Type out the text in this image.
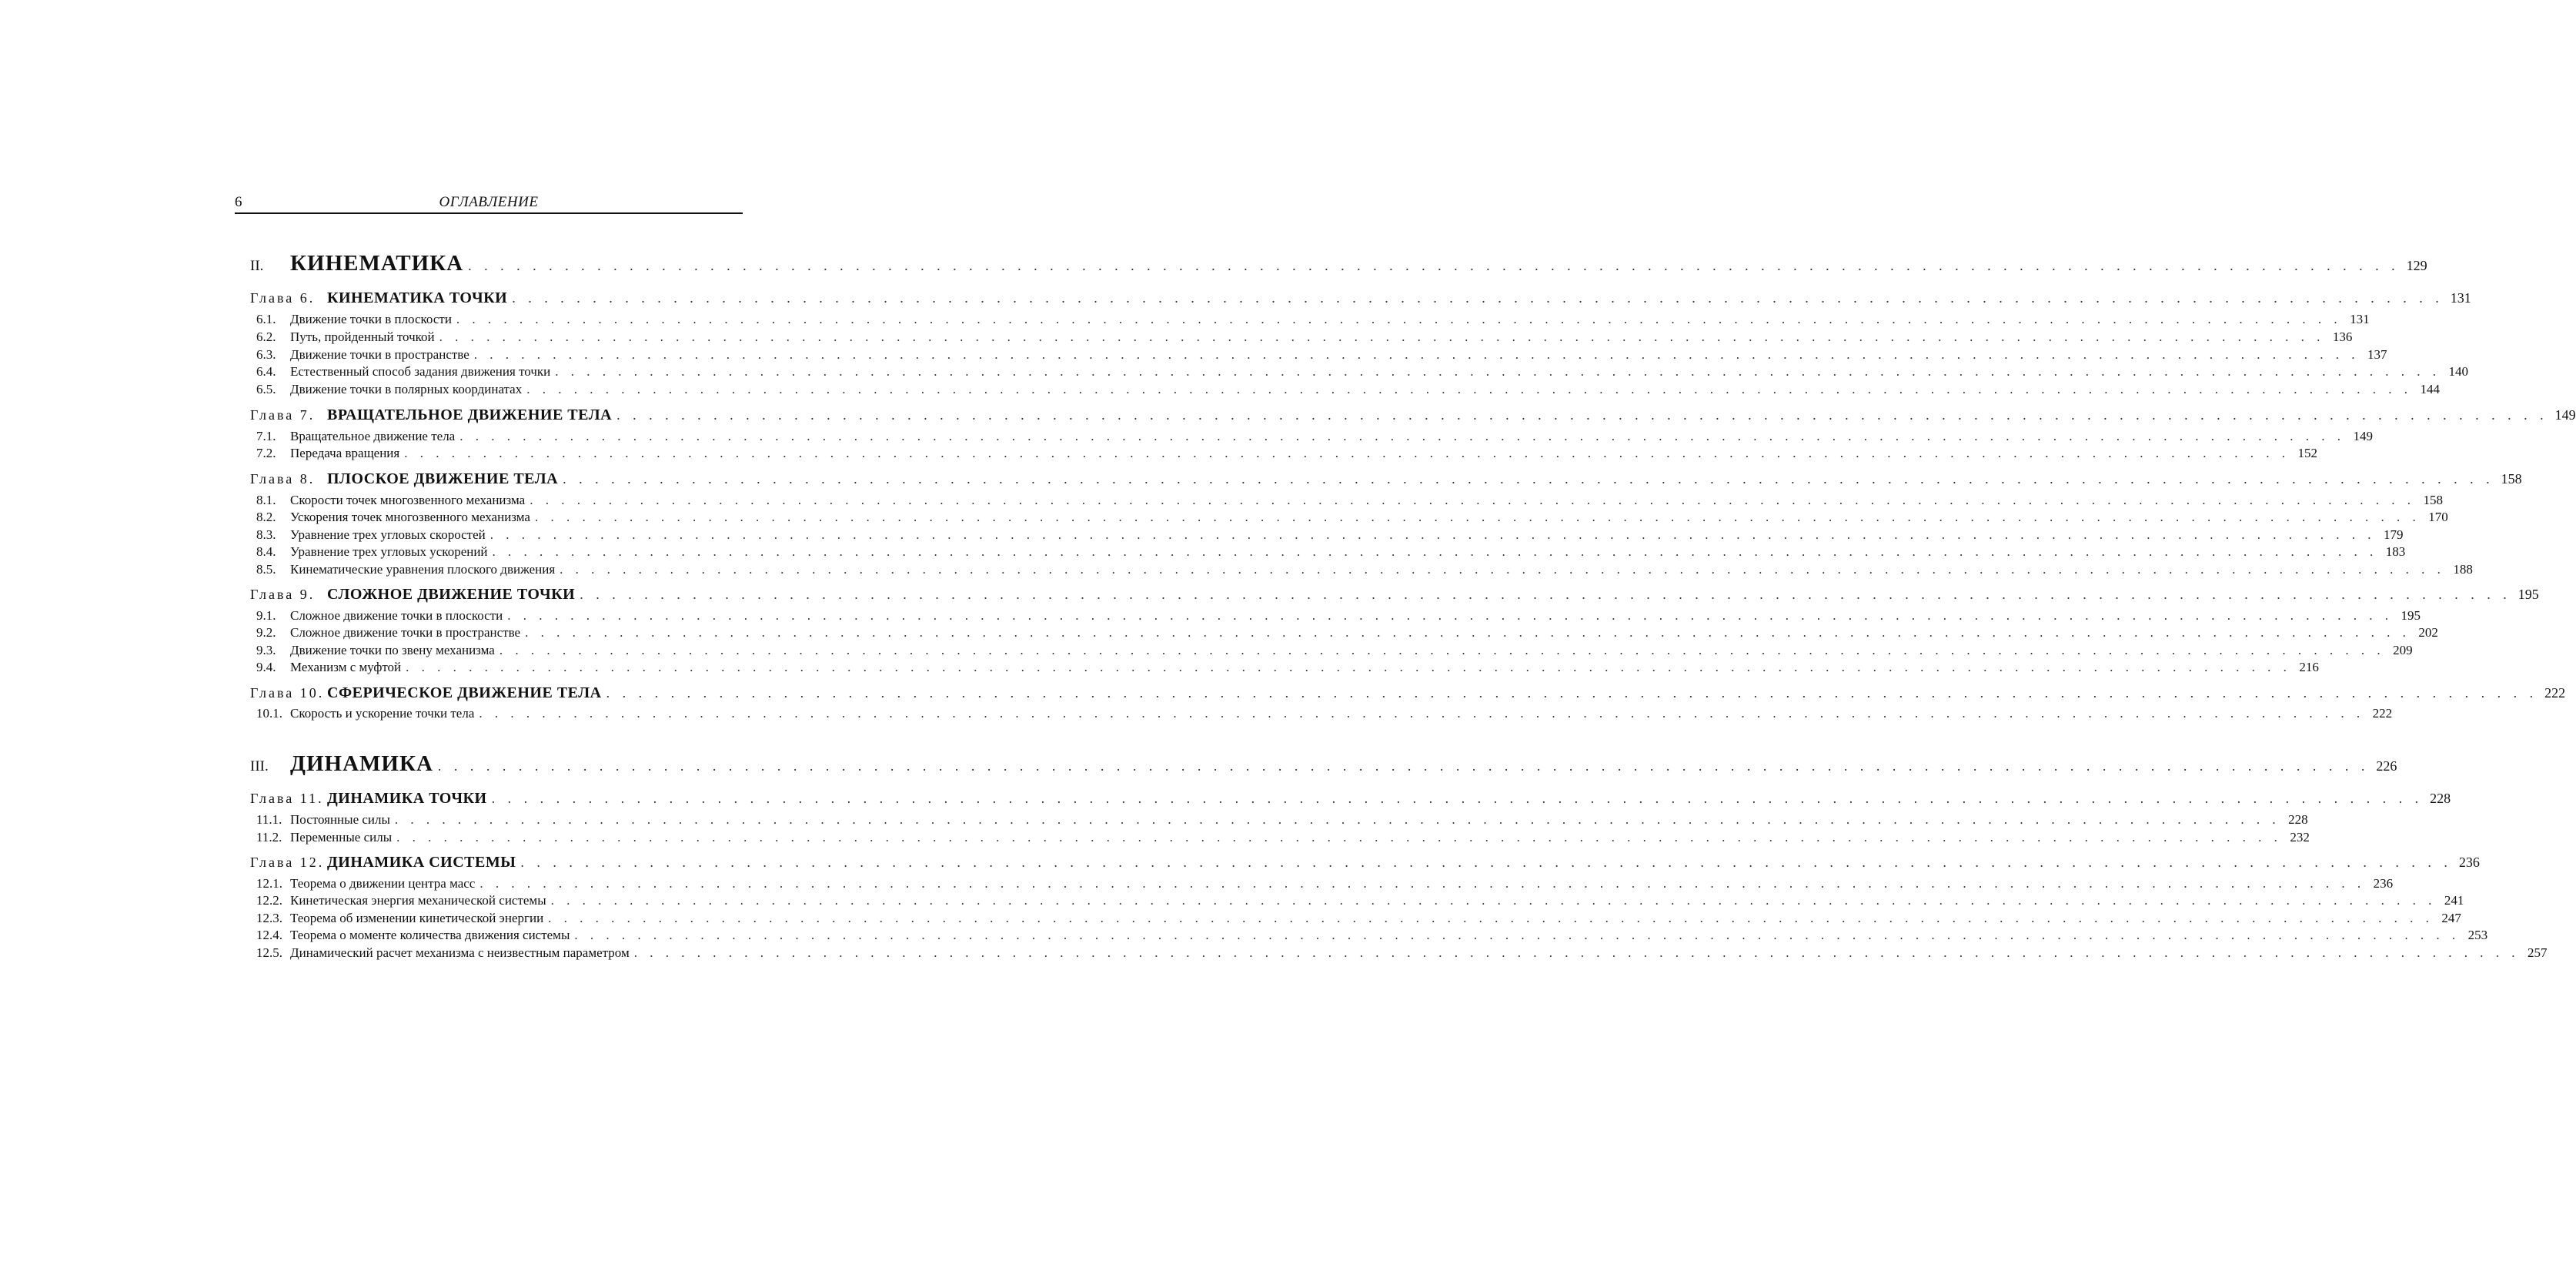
6	ОГЛАВЛЕНИЕ
II.	КИНЕМАТИКА . . . . . . . . . . . . . . . . . . . . . . . . . . . . . . . . . . . . . . . . . . . . . . . . . . . . . . . . . . . . . . . . . . . . . . . . . . . . . . . . . . . . . . . . . . . . . . . . . . . . . . . . . . . . . . . . . . . . . . . . 129
Глава 6. КИНЕМАТИКА ТОЧКИ . . . . . . . . . . . . . . . . . . . . . . . . . . . . . . . . . . . . . . . . . . . . . . . . . . . . . . . . . . . . . . . . . . . . . . . . . . . . . . . . . . . . . . . . . . . . . . . . . . . . . . . . . . . . . . . . . . . . . . . . 131
6.1.	Движение точки в плоскости . . . . . . . . . . . . . . . . . . . . . . . . . . . . . . . . . . . . . . . . . . . . . . . . . . . . . . . . . . . . . . . . . . . . . . . . . . . . . . . . . . . . . . . . . . . . . . . . . . . . . . . . . . . . . . . . . . . . . . . . 131
6.2.	Путь, пройденный точкой . . . . . . . . . . . . . . . . . . . . . . . . . . . . . . . . . . . . . . . . . . . . . . . . . . . . . . . . . . . . . . . . . . . . . . . . . . . . . . . . . . . . . . . . . . . . . . . . . . . . . . . . . . . . . . . . . . . . . . . . 136
6.3.	Движение точки в пространстве . . . . . . . . . . . . . . . . . . . . . . . . . . . . . . . . . . . . . . . . . . . . . . . . . . . . . . . . . . . . . . . . . . . . . . . . . . . . . . . . . . . . . . . . . . . . . . . . . . . . . . . . . . . . . . . . . . . . . . . . 137
6.4.	Естественный способ задания движения точки . . . . . . . . . . . . . . . . . . . . . . . . . . . . . . . . . . . . . . . . . . . . . . . . . . . . . . . . . . . . . . . . . . . . . . . . . . . . . . . . . . . . . . . . . . . . . . . . . . . . . . . . . . . . . . . . . . . . . . . . 140
6.5.	Движение точки в полярных координатах . . . . . . . . . . . . . . . . . . . . . . . . . . . . . . . . . . . . . . . . . . . . . . . . . . . . . . . . . . . . . . . . . . . . . . . . . . . . . . . . . . . . . . . . . . . . . . . . . . . . . . . . . . . . . . . . . . . . . . . . 144
Глава 7. ВРАЩАТЕЛЬНОЕ ДВИЖЕНИЕ ТЕЛА . . . . . . . . . . . . . . . . . . . . . . . . . . . . . . . . . . . . . . . . . . . . . . . . . . . . . . . . . . . . . . . . . . . . . . . . . . . . . . . . . . . . . . . . . . . . . . . . . . . . . . . . . . . . . . . . . . . . . . . . 149
7.1.	Вращательное движение тела . . . . . . . . . . . . . . . . . . . . . . . . . . . . . . . . . . . . . . . . . . . . . . . . . . . . . . . . . . . . . . . . . . . . . . . . . . . . . . . . . . . . . . . . . . . . . . . . . . . . . . . . . . . . . . . . . . . . . . . . 149
7.2.	Передача вращения . . . . . . . . . . . . . . . . . . . . . . . . . . . . . . . . . . . . . . . . . . . . . . . . . . . . . . . . . . . . . . . . . . . . . . . . . . . . . . . . . . . . . . . . . . . . . . . . . . . . . . . . . . . . . . . . . . . . . . . . 152
Глава 8. ПЛОСКОЕ ДВИЖЕНИЕ ТЕЛА . . . . . . . . . . . . . . . . . . . . . . . . . . . . . . . . . . . . . . . . . . . . . . . . . . . . . . . . . . . . . . . . . . . . . . . . . . . . . . . . . . . . . . . . . . . . . . . . . . . . . . . . . . . . . . . . . . . . . . . . 158
8.1.	Скорости точек многозвенного механизма . . . . . . . . . . . . . . . . . . . . . . . . . . . . . . . . . . . . . . . . . . . . . . . . . . . . . . . . . . . . . . . . . . . . . . . . . . . . . . . . . . . . . . . . . . . . . . . . . . . . . . . . . . . . . . . . . . . . . . . . 158
8.2.	Ускорения точек многозвенного механизма . . . . . . . . . . . . . . . . . . . . . . . . . . . . . . . . . . . . . . . . . . . . . . . . . . . . . . . . . . . . . . . . . . . . . . . . . . . . . . . . . . . . . . . . . . . . . . . . . . . . . . . . . . . . . . . . . . . . . . . . 170
8.3.	Уравнение трех угловых скоростей . . . . . . . . . . . . . . . . . . . . . . . . . . . . . . . . . . . . . . . . . . . . . . . . . . . . . . . . . . . . . . . . . . . . . . . . . . . . . . . . . . . . . . . . . . . . . . . . . . . . . . . . . . . . . . . . . . . . . . . . 179
8.4.	Уравнение трех угловых ускорений . . . . . . . . . . . . . . . . . . . . . . . . . . . . . . . . . . . . . . . . . . . . . . . . . . . . . . . . . . . . . . . . . . . . . . . . . . . . . . . . . . . . . . . . . . . . . . . . . . . . . . . . . . . . . . . . . . . . . . . . 183
8.5.	Кинематические уравнения плоского движения . . . . . . . . . . . . . . . . . . . . . . . . . . . . . . . . . . . . . . . . . . . . . . . . . . . . . . . . . . . . . . . . . . . . . . . . . . . . . . . . . . . . . . . . . . . . . . . . . . . . . . . . . . . . . . . . . . . . . . . . 188
Глава 9. СЛОЖНОЕ ДВИЖЕНИЕ ТОЧКИ . . . . . . . . . . . . . . . . . . . . . . . . . . . . . . . . . . . . . . . . . . . . . . . . . . . . . . . . . . . . . . . . . . . . . . . . . . . . . . . . . . . . . . . . . . . . . . . . . . . . . . . . . . . . . . . . . . . . . . . . 195
9.1.	Сложное движение точки в плоскости . . . . . . . . . . . . . . . . . . . . . . . . . . . . . . . . . . . . . . . . . . . . . . . . . . . . . . . . . . . . . . . . . . . . . . . . . . . . . . . . . . . . . . . . . . . . . . . . . . . . . . . . . . . . . . . . . . . . . . . . 195
9.2.	Сложное движение точки в пространстве . . . . . . . . . . . . . . . . . . . . . . . . . . . . . . . . . . . . . . . . . . . . . . . . . . . . . . . . . . . . . . . . . . . . . . . . . . . . . . . . . . . . . . . . . . . . . . . . . . . . . . . . . . . . . . . . . . . . . . . . 202
9.3.	Движение точки по звену механизма . . . . . . . . . . . . . . . . . . . . . . . . . . . . . . . . . . . . . . . . . . . . . . . . . . . . . . . . . . . . . . . . . . . . . . . . . . . . . . . . . . . . . . . . . . . . . . . . . . . . . . . . . . . . . . . . . . . . . . . . 209
9.4.	Механизм с муфтой . . . . . . . . . . . . . . . . . . . . . . . . . . . . . . . . . . . . . . . . . . . . . . . . . . . . . . . . . . . . . . . . . . . . . . . . . . . . . . . . . . . . . . . . . . . . . . . . . . . . . . . . . . . . . . . . . . . . . . . . 216
Глава 10. СФЕРИЧЕСКОЕ ДВИЖЕНИЕ ТЕЛА . . . . . . . . . . . . . . . . . . . . . . . . . . . . . . . . . . . . . . . . . . . . . . . . . . . . . . . . . . . . . . . . . . . . . . . . . . . . . . . . . . . . . . . . . . . . . . . . . . . . . . . . . . . . . . . . . . . . . . . . 222
10.1. Скорость и ускорение точки тела . . . . . . . . . . . . . . . . . . . . . . . . . . . . . . . . . . . . . . . . . . . . . . . . . . . . . . . . . . . . . . . . . . . . . . . . . . . . . . . . . . . . . . . . . . . . . . . . . . . . . . . . . . . . . . . . . . . . . . . . 222
III. ДИНАМИКА . . . . . . . . . . . . . . . . . . . . . . . . . . . . . . . . . . . . . . . . . . . . . . . . . . . . . . . . . . . . . . . . . . . . . . . . . . . . . . . . . . . . . . . . . . . . . . . . . . . . . . . . . . . . . . . . . . . . . . . . 226
Глава 11. ДИНАМИКА ТОЧКИ . . . . . . . . . . . . . . . . . . . . . . . . . . . . . . . . . . . . . . . . . . . . . . . . . . . . . . . . . . . . . . . . . . . . . . . . . . . . . . . . . . . . . . . . . . . . . . . . . . . . . . . . . . . . . . . . . . . . . . . . 228
11.1. Постоянные силы . . . . . . . . . . . . . . . . . . . . . . . . . . . . . . . . . . . . . . . . . . . . . . . . . . . . . . . . . . . . . . . . . . . . . . . . . . . . . . . . . . . . . . . . . . . . . . . . . . . . . . . . . . . . . . . . . . . . . . . . 228
11.2. Переменные силы . . . . . . . . . . . . . . . . . . . . . . . . . . . . . . . . . . . . . . . . . . . . . . . . . . . . . . . . . . . . . . . . . . . . . . . . . . . . . . . . . . . . . . . . . . . . . . . . . . . . . . . . . . . . . . . . . . . . . . . . 232
Глава 12. ДИНАМИКА СИСТЕМЫ . . . . . . . . . . . . . . . . . . . . . . . . . . . . . . . . . . . . . . . . . . . . . . . . . . . . . . . . . . . . . . . . . . . . . . . . . . . . . . . . . . . . . . . . . . . . . . . . . . . . . . . . . . . . . . . . . . . . . . . . 236
12.1. Теорема о движении центра масс . . . . . . . . . . . . . . . . . . . . . . . . . . . . . . . . . . . . . . . . . . . . . . . . . . . . . . . . . . . . . . . . . . . . . . . . . . . . . . . . . . . . . . . . . . . . . . . . . . . . . . . . . . . . . . . . . . . . . . . . 236
12.2. Кинетическая энергия механической системы . . . . . . . . . . . . . . . . . . . . . . . . . . . . . . . . . . . . . . . . . . . . . . . . . . . . . . . . . . . . . . . . . . . . . . . . . . . . . . . . . . . . . . . . . . . . . . . . . . . . . . . . . . . . . . . . . . . . . . . . 241
12.3. Теорема об изменении кинетической энергии . . . . . . . . . . . . . . . . . . . . . . . . . . . . . . . . . . . . . . . . . . . . . . . . . . . . . . . . . . . . . . . . . . . . . . . . . . . . . . . . . . . . . . . . . . . . . . . . . . . . . . . . . . . . . . . . . . . . . . . . 247
12.4. Теорема о моменте количества движения системы . . . . . . . . . . . . . . . . . . . . . . . . . . . . . . . . . . . . . . . . . . . . . . . . . . . . . . . . . . . . . . . . . . . . . . . . . . . . . . . . . . . . . . . . . . . . . . . . . . . . . . . . . . . . . . . . . . . . . . . . 253
12.5. Динамический расчет механизма с неизвестным параметром . . . . . . . . . . . . . . . . . . . . . . . . . . . . . . . . . . . . . . . . . . . . . . . . . . . . . . . . . . . . . . . . . . . . . . . . . . . . . . . . . . . . . . . . . . . . . . . . . . . . . . . . . . . . . . . . . . . . . . . . 257
